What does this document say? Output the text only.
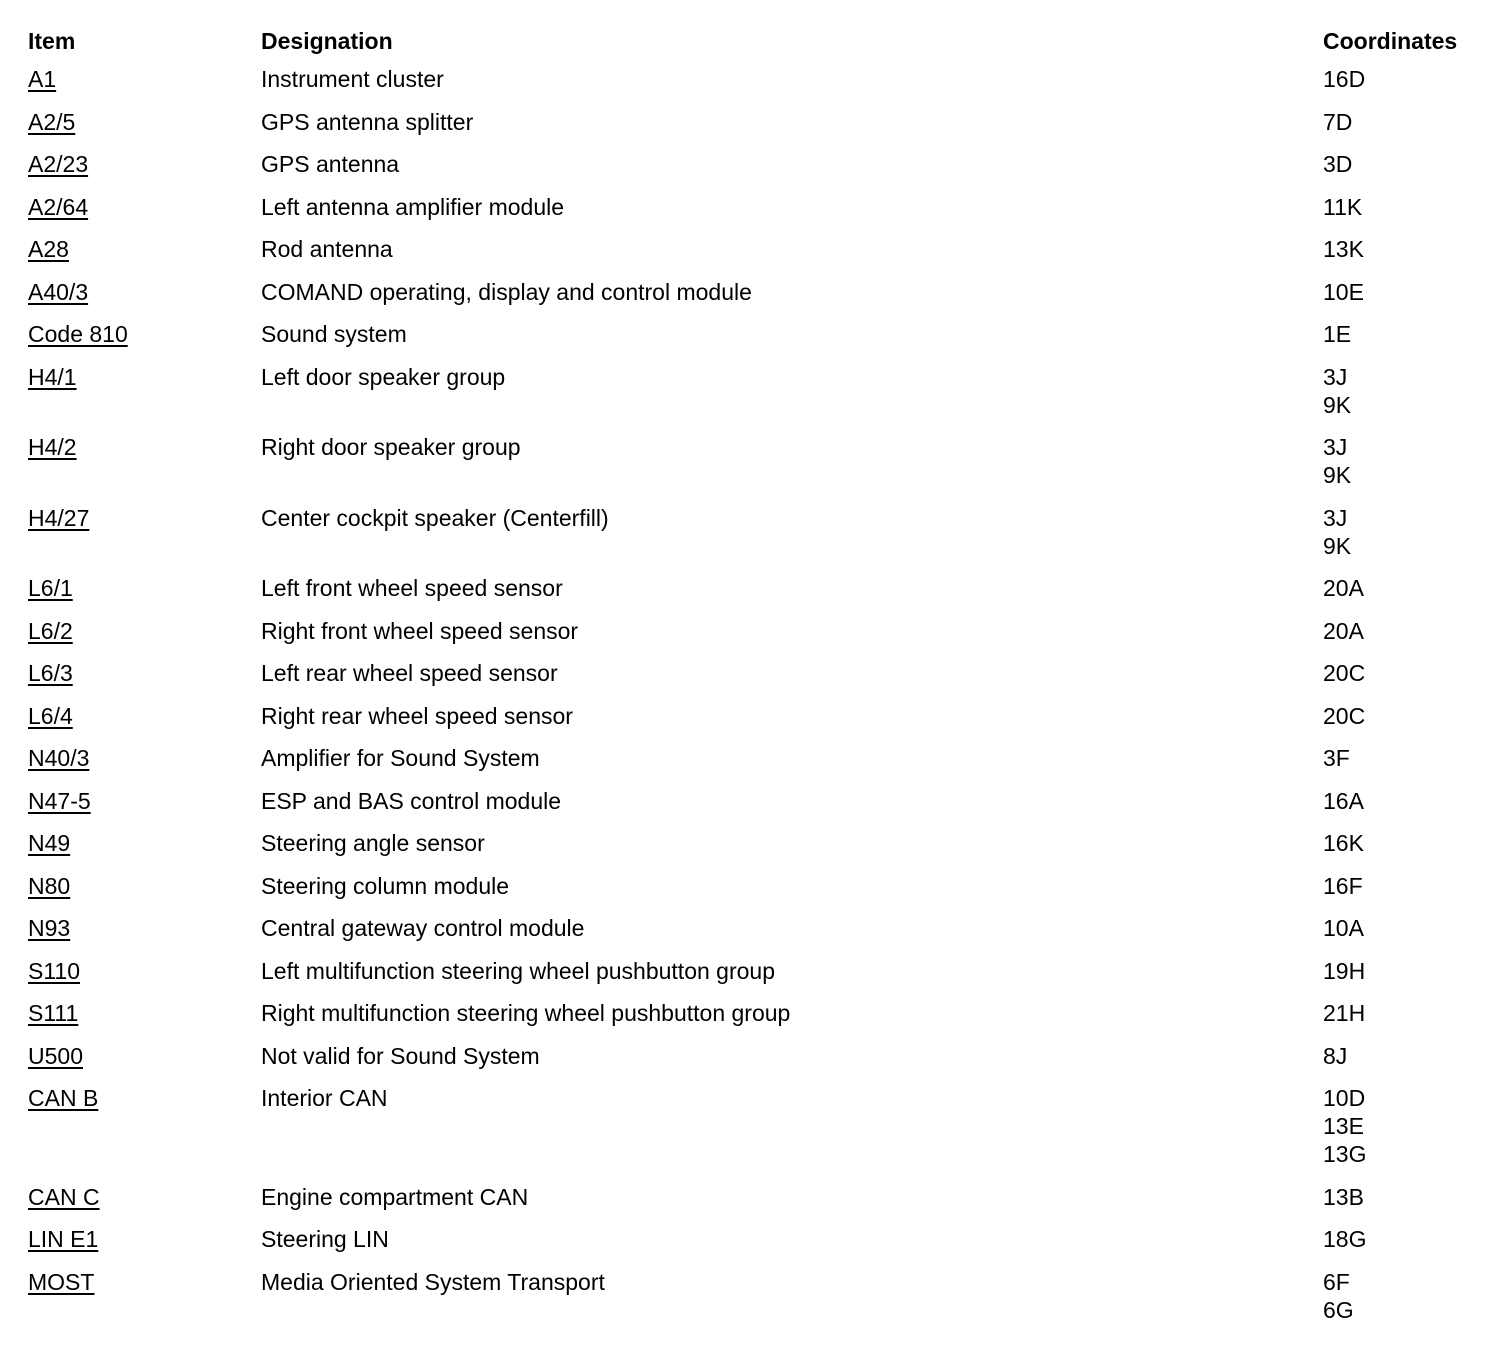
Item	Designation	Coordinates
A1	Instrument cluster	16D

A2/5	GPS antenna splitter	7D

A2/23	GPS antenna	3D

A2/64	Left antenna amplifier module	11K

A28	Rod antenna	13K

A40/3	COMAND operating, display and control module	10E

Code 810	Sound system	1E

H4/1	Left door speaker group	3J
9K

H4/2	Right door speaker group	3J
9K

H4/27	Center cockpit speaker (Centerfill)	3J
9K

L6/1	Left front wheel speed sensor	20A

L6/2	Right front wheel speed sensor	20A

L6/3	Left rear wheel speed sensor	20C

L6/4	Right rear wheel speed sensor	20C

N40/3	Amplifier for Sound System	3F

N47-5	ESP and BAS control module	16A

N49	Steering angle sensor	16K

N80	Steering column module	16F

N93	Central gateway control module	10A

S110	Left multifunction steering wheel pushbutton group	19H

S111	Right multifunction steering wheel pushbutton group	21H

U500	Not valid for Sound System	8J

CAN B	Interior CAN	10D
13E
13G

CAN C	Engine compartment CAN	13B

LIN E1	Steering LIN	18G

MOST	Media Oriented System Transport	6F
6G
